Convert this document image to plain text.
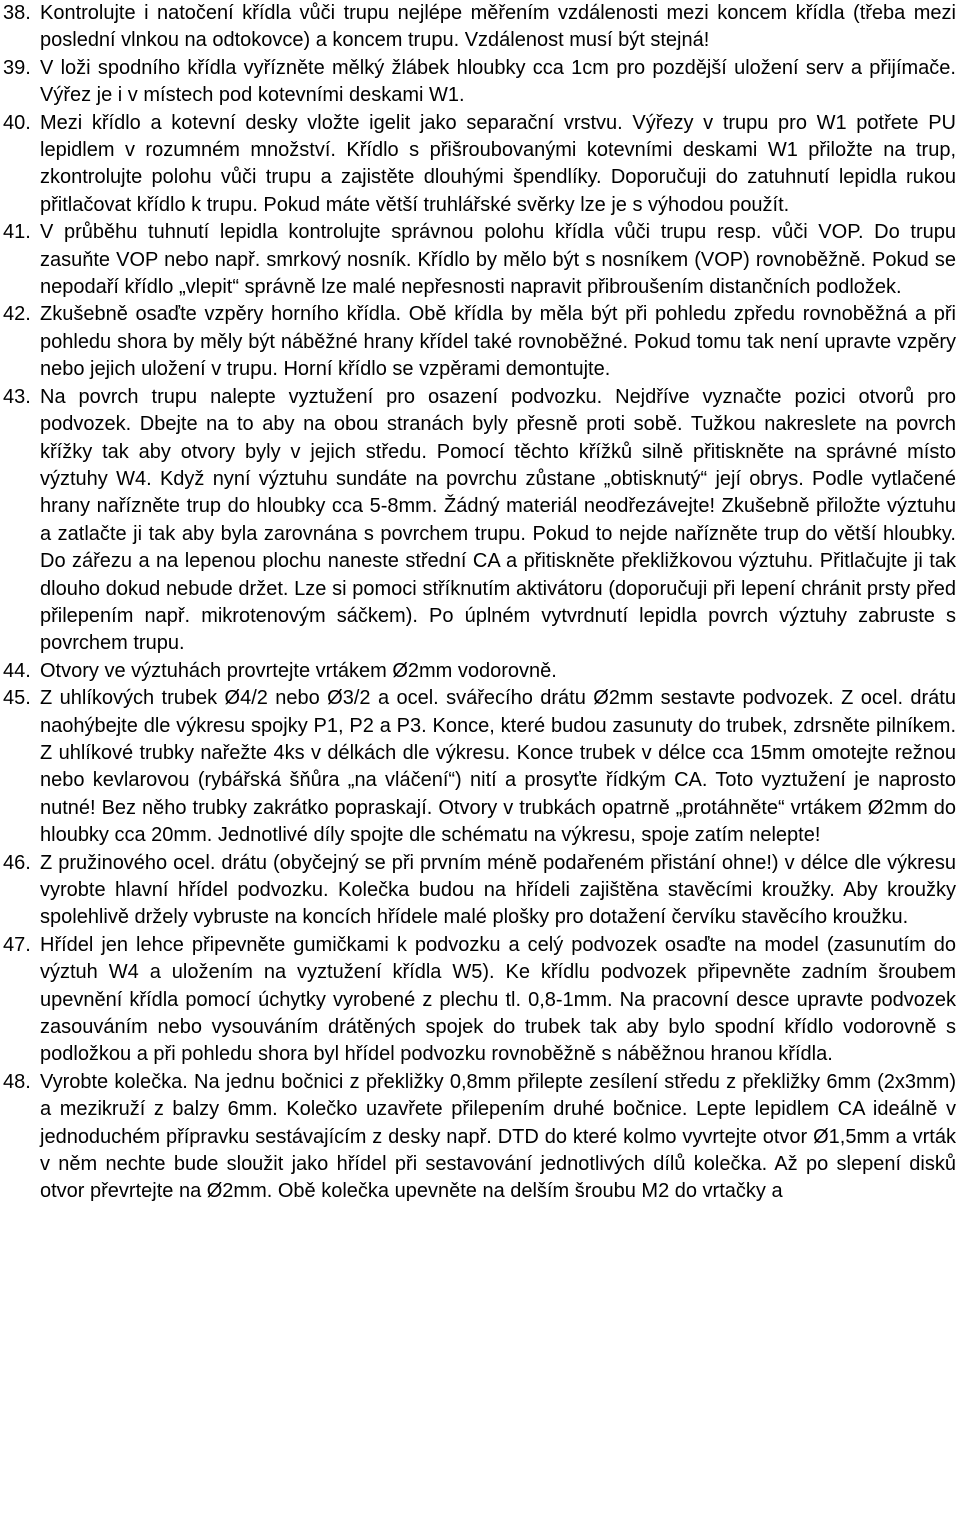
38. Kontrolujte i natočení křídla vůči trupu nejlépe měřením vzdálenosti mezi koncem křídla (třeba mezi poslední vlnkou na odtokovce) a koncem trupu. Vzdálenost musí být stejná!
39. V loži spodního křídla vyřízněte mělký žlábek hloubky cca 1cm pro pozdější uložení serv a přijímače. Výřez je i v místech pod kotevními deskami W1.
40. Mezi křídlo a kotevní desky vložte igelit jako separační vrstvu. Výřezy v trupu pro W1 potřete PU lepidlem v rozumném množství. Křídlo s přišroubovanými kotevními deskami W1 přiložte na trup, zkontrolujte polohu vůči trupu a zajistěte dlouhými špendlíky. Doporučuji do zatuhnutí lepidla rukou přitlačovat křídlo k trupu. Pokud máte větší truhlářské svěrky lze je s výhodou použít.
41. V průběhu tuhnutí lepidla kontrolujte správnou polohu křídla vůči trupu resp. vůči VOP. Do trupu zasuňte VOP nebo např. smrkový nosník. Křídlo by mělo být s nosníkem (VOP) rovnoběžně. Pokud se nepodaří křídlo „vlepit“ správně lze malé nepřesnosti napravit přibroušením distančních podložek.
42. Zkušebně osaďte vzpěry horního křídla. Obě křídla by měla být při pohledu zpředu rovnoběžná a při pohledu shora by měly být náběžné hrany křídel také rovnoběžné. Pokud tomu tak není upravte vzpěry nebo jejich uložení v trupu. Horní křídlo se vzpěrami demontujte.
43. Na povrch trupu nalepte vyztužení pro osazení podvozku. Nejdříve vyznačte pozici otvorů pro podvozek. Dbejte na to aby na obou stranách byly přesně proti sobě. Tužkou nakreslete na povrch křížky tak aby otvory byly v jejich středu. Pomocí těchto křížků silně přitiskněte na správné místo výztuhy W4. Když nyní výztuhu sundáte na povrchu zůstane „obtisknutý“ její obrys. Podle vytlačené hrany nařízněte trup do hloubky cca 5-8mm. Žádný materiál neodřezávejte! Zkušebně přiložte výztuhu a zatlačte ji tak aby byla zarovnána s povrchem trupu. Pokud to nejde nařízněte trup do větší hloubky. Do zářezu a na lepenou plochu naneste střední CA a přitiskněte překližkovou výztuhu. Přitlačujte ji tak dlouho dokud nebude držet. Lze si pomoci stříknutím aktivátoru (doporučuji při lepení chránit prsty před přilepením např. mikrotenovým sáčkem). Po úplném vytvrdnutí lepidla povrch výztuhy zabruste s povrchem trupu.
44. Otvory ve výztuhách provrtejte vrtákem Ø2mm vodorovně.
45. Z uhlíkových trubek Ø4/2 nebo Ø3/2 a ocel. svářecího drátu Ø2mm sestavte podvozek. Z ocel. drátu naohýbejte dle výkresu spojky P1, P2 a P3. Konce, které budou zasunuty do trubek, zdrsněte pilníkem. Z uhlíkové trubky nařežte 4ks v délkách dle výkresu. Konce trubek v délce cca 15mm omotejte režnou nebo kevlarovou (rybářská šňůra „na vláčení“) nití a prosyťte řídkým CA. Toto vyztužení je naprosto nutné! Bez něho trubky zakrátko popraskají. Otvory v trubkách opatrně „protáhněte“ vrtákem Ø2mm do hloubky cca 20mm. Jednotlivé díly spojte dle schématu na výkresu, spoje zatím nelepte!
46. Z pružinového ocel. drátu (obyčejný se při prvním méně podařeném přistání ohne!) v délce dle výkresu vyrobte hlavní hřídel podvozku. Kolečka budou na hřídeli zajištěna stavěcími kroužky. Aby kroužky spolehlivě držely vybruste na koncích hřídele malé plošky pro dotažení červíku stavěcího kroužku.
47. Hřídel jen lehce připevněte gumičkami k podvozku a celý podvozek osaďte na model (zasunutím do výztuh W4 a uložením na vyztužení křídla W5). Ke křídlu podvozek připevněte zadním šroubem upevnění křídla pomocí úchytky vyrobené z plechu tl. 0,8-1mm. Na pracovní desce upravte podvozek zasouváním nebo vysouváním drátěných spojek do trubek tak aby bylo spodní křídlo vodorovně s podložkou a při pohledu shora byl hřídel podvozku rovnoběžně s náběžnou hranou křídla.
48. Vyrobte kolečka. Na jednu bočnici z překližky 0,8mm přilepte zesílení středu z překližky 6mm (2x3mm) a mezikruží z balzy 6mm. Kolečko uzavřete přilepením druhé bočnice. Lepte lepidlem CA ideálně v jednoduchém přípravku sestávajícím z desky např. DTD do které kolmo vyvrtejte otvor Ø1,5mm a vrták v něm nechte bude sloužit jako hřídel při sestavování jednotlivých dílů kolečka. Až po slepení disků otvor převrtejte na Ø2mm. Obě kolečka upevněte na delším šroubu M2 do vrtačky a
